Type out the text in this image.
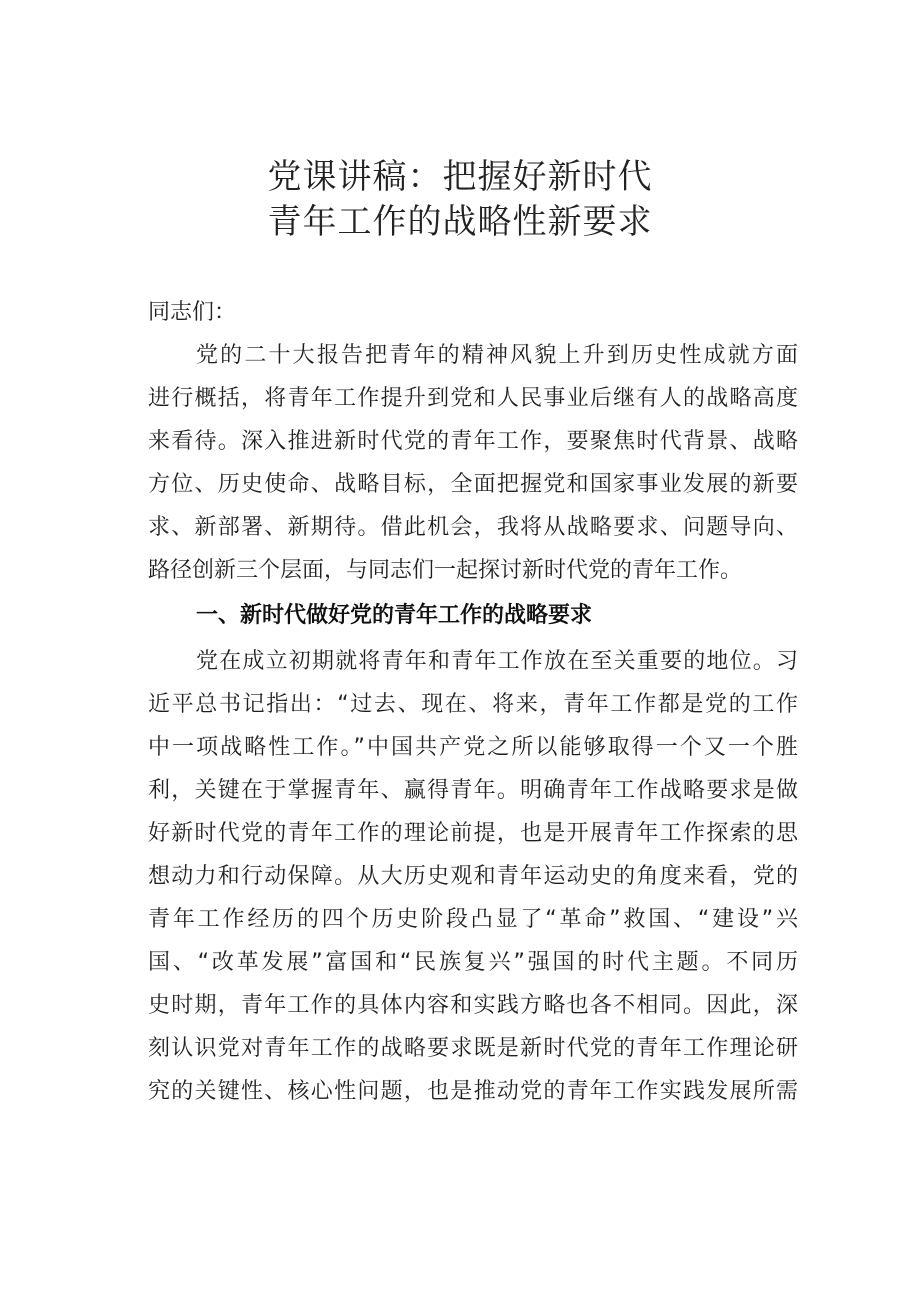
党课讲稿：把握好新时代
青年工作的战略性新要求
同志们：
党的二十大报告把青年的精神风貌上升到历史性成就方面
进行概括，将青年工作提升到党和人民事业后继有人的战略高度
来看待。深入推进新时代党的青年工作，要聚焦时代背景、战略
方位、历史使命、战略目标，全面把握党和国家事业发展的新要
求、新部署、新期待。借此机会，我将从战略要求、问题导向、
路径创新三个层面，与同志们一起探讨新时代党的青年工作。
一、新时代做好党的青年工作的战略要求
党在成立初期就将青年和青年工作放在至关重要的地位。习
近平总书记指出：“过去、现在、将来，青年工作都是党的工作
中一项战略性工作。”中国共产党之所以能够取得一个又一个胜
利，关键在于掌握青年、赢得青年。明确青年工作战略要求是做
好新时代党的青年工作的理论前提，也是开展青年工作探索的思
想动力和行动保障。从大历史观和青年运动史的角度来看，党的
青年工作经历的四个历史阶段凸显了“革命”救国、“建设”兴
国、“改革发展”富国和“民族复兴”强国的时代主题。不同历
史时期，青年工作的具体内容和实践方略也各不相同。因此，深
刻认识党对青年工作的战略要求既是新时代党的青年工作理论研
究的关键性、核心性问题，也是推动党的青年工作实践发展所需
